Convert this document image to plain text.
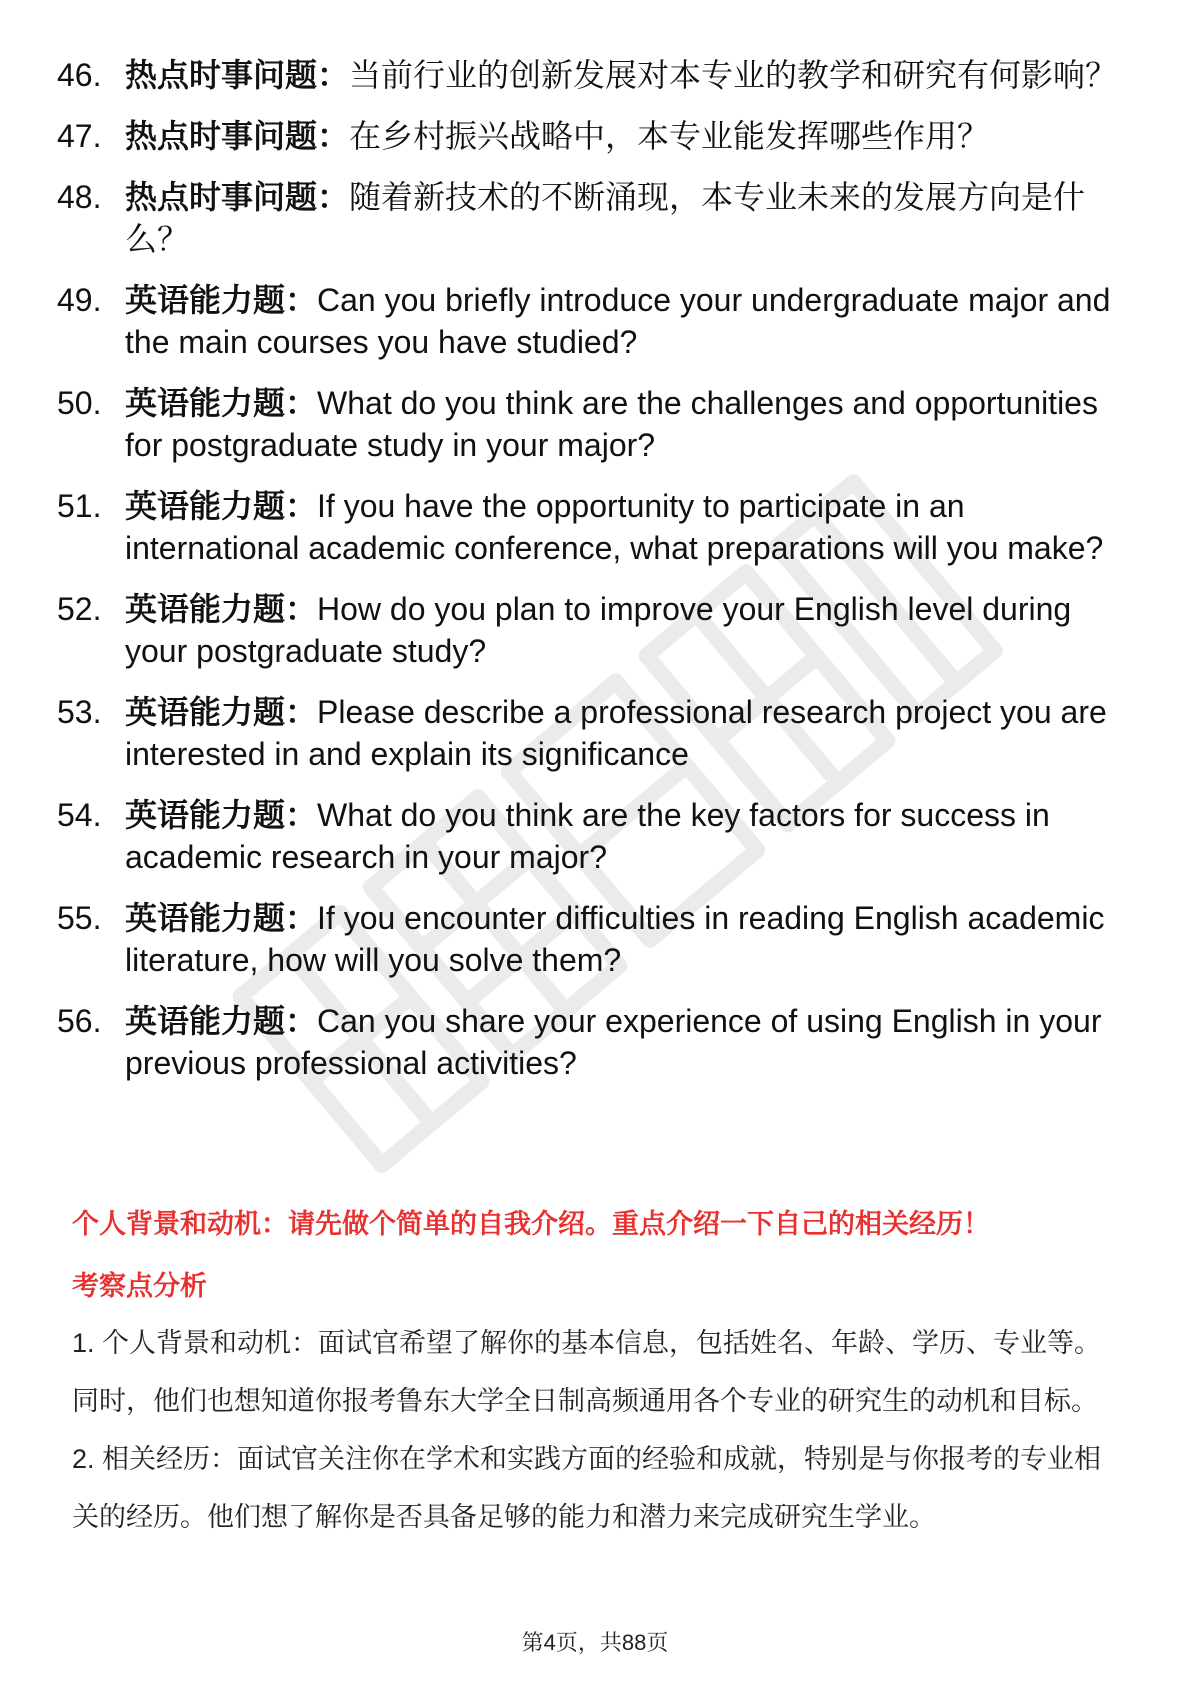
46. 热点时事问题：当前行业的创新发展对本专业的教学和研究有何影响？
47. 热点时事问题：在乡村振兴战略中，本专业能发挥哪些作用？
48. 热点时事问题：随着新技术的不断涌现，本专业未来的发展方向是什么？
49. 英语能力题：Can you briefly introduce your undergraduate major and the main courses you have studied?
50. 英语能力题：What do you think are the challenges and opportunities for postgraduate study in your major?
51. 英语能力题：If you have the opportunity to participate in an international academic conference, what preparations will you make?
52. 英语能力题：How do you plan to improve your English level during your postgraduate study?
53. 英语能力题：Please describe a professional research project you are interested in and explain its significance
54. 英语能力题：What do you think are the key factors for success in academic research in your major?
55. 英语能力题：If you encounter difficulties in reading English academic literature, how will you solve them?
56. 英语能力题：Can you share your experience of using English in your previous professional activities?
个人背景和动机：请先做个简单的自我介绍。重点介绍一下自己的相关经历！
考察点分析

1. 个人背景和动机：面试官希望了解你的基本信息，包括姓名、年龄、学历、专业等。同时，他们也想知道你报考鲁东大学全日制高频通用各个专业的研究生的动机和目标。

2. 相关经历：面试官关注你在学术和实践方面的经验和成就，特别是与你报考的专业相关的经历。他们想了解你是否具备足够的能力和潜力来完成研究生学业。

第4页，共88页
